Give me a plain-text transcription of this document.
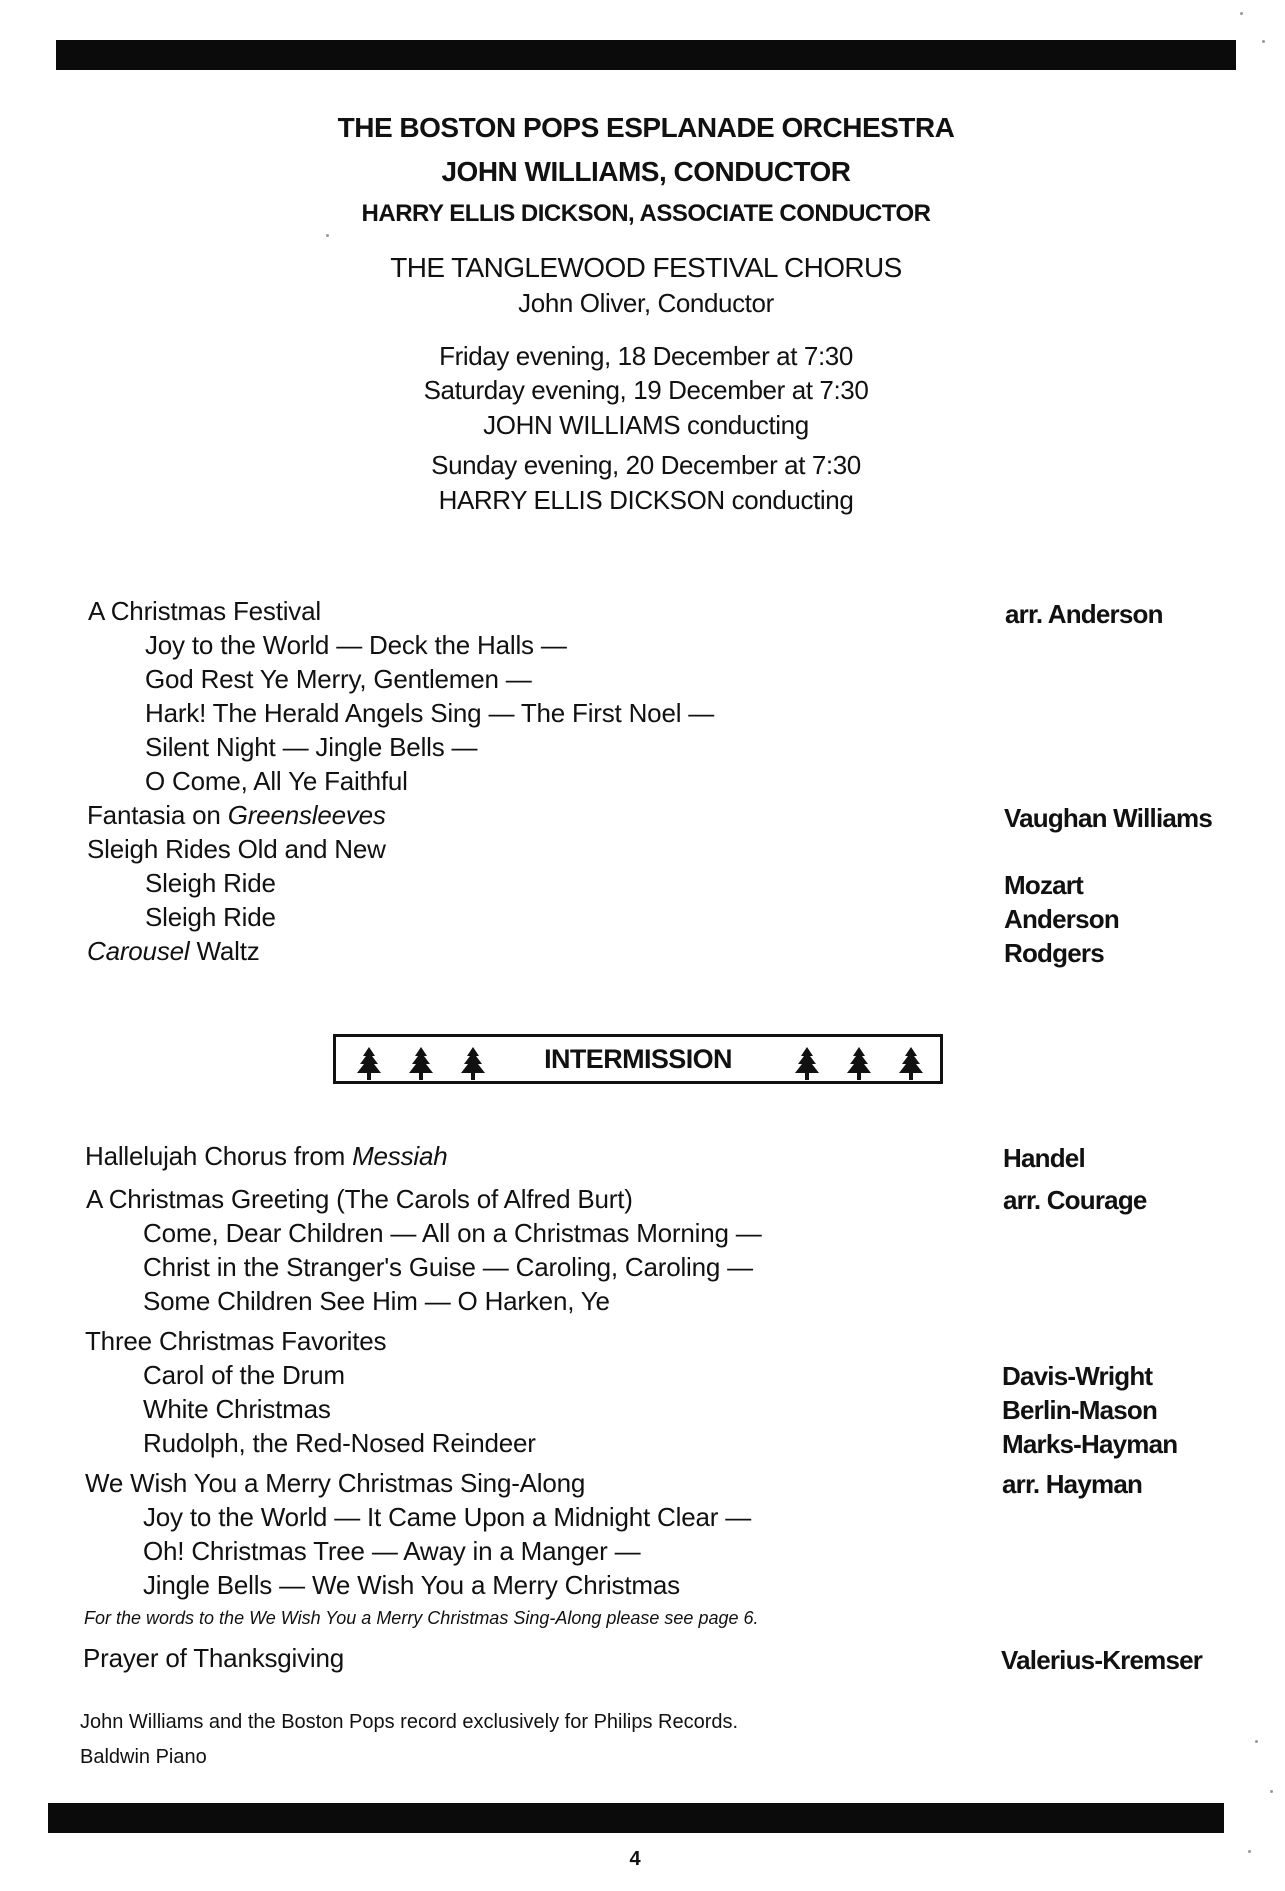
THE BOSTON POPS ESPLANADE ORCHESTRA
JOHN WILLIAMS, CONDUCTOR
HARRY ELLIS DICKSON, ASSOCIATE CONDUCTOR
THE TANGLEWOOD FESTIVAL CHORUS
John Oliver, Conductor
Friday evening, 18 December at 7:30
Saturday evening, 19 December at 7:30
JOHN WILLIAMS conducting
Sunday evening, 20 December at 7:30
HARRY ELLIS DICKSON conducting
A Christmas Festival	arr. Anderson
Joy to the World — Deck the Halls —
God Rest Ye Merry, Gentlemen —
Hark! The Herald Angels Sing — The First Noel —
Silent Night — Jingle Bells —
O Come, All Ye Faithful
Fantasia on Greensleeves	Vaughan Williams
Sleigh Rides Old and New
Sleigh Ride	Mozart
Sleigh Ride	Anderson
Carousel Waltz	Rodgers
INTERMISSION
Hallelujah Chorus from Messiah	Handel
A Christmas Greeting (The Carols of Alfred Burt)	arr. Courage
Come, Dear Children — All on a Christmas Morning —
Christ in the Stranger's Guise — Caroling, Caroling —
Some Children See Him — O Harken, Ye
Three Christmas Favorites
Carol of the Drum	Davis-Wright
White Christmas	Berlin-Mason
Rudolph, the Red-Nosed Reindeer	Marks-Hayman
We Wish You a Merry Christmas Sing-Along	arr. Hayman
Joy to the World — It Came Upon a Midnight Clear —
Oh! Christmas Tree — Away in a Manger —
Jingle Bells — We Wish You a Merry Christmas
For the words to the We Wish You a Merry Christmas Sing-Along please see page 6.
Prayer of Thanksgiving	Valerius-Kremser
John Williams and the Boston Pops record exclusively for Philips Records.
Baldwin Piano
4
